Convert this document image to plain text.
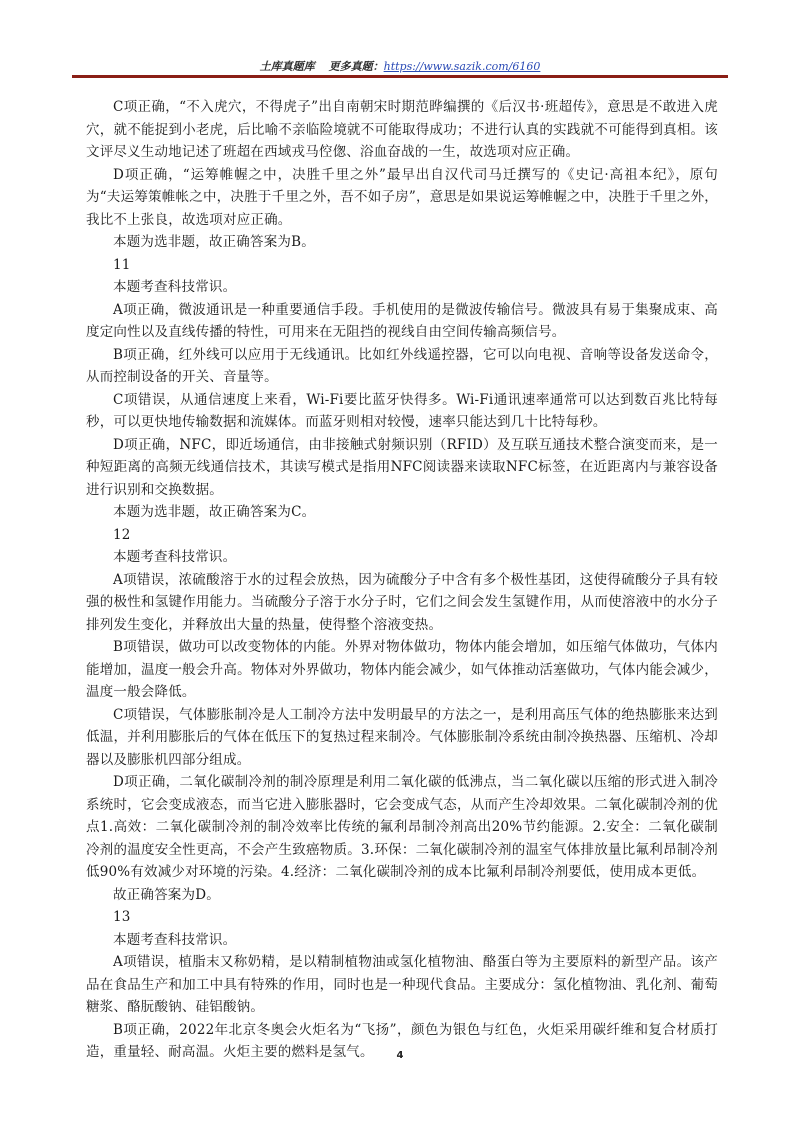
土库真题库 更多真题：https://www.sazik.com/6160

C项正确，“不入虎穴，不得虎子”出自南朝宋时期范晔编撰的《后汉书·班超传》，意思是不敢进入虎穴，就不能捉到小老虎，后比喻不亲临险境就不可能取得成功；不进行认真的实践就不可能得到真相。该文评尽义生动地记述了班超在西域戎马倥偬、浴血奋战的一生，故选项对应正确。

D项正确，“运筹帷幄之中，决胜千里之外”最早出自汉代司马迁撰写的《史记·高祖本纪》，原句为“夫运筹策帷帐之中，决胜于千里之外，吾不如子房”，意思是如果说运筹帷幄之中，决胜于千里之外，我比不上张良，故选项对应正确。

本题为选非题，故正确答案为B。

11

本题考查科技常识。

A项正确，微波通讯是一种重要通信手段。手机使用的是微波传输信号。微波具有易于集聚成束、高度定向性以及直线传播的特性，可用来在无阻挡的视线自由空间传输高频信号。

B项正确，红外线可以应用于无线通讯。比如红外线遥控器，它可以向电视、音响等设备发送命令，从而控制设备的开关、音量等。

C项错误，从通信速度上来看，Wi-Fi要比蓝牙快得多。Wi-Fi通讯速率通常可以达到数百兆比特每秒，可以更快地传输数据和流媒体。而蓝牙则相对较慢，速率只能达到几十比特每秒。

D项正确，NFC，即近场通信，由非接触式射频识别（RFID）及互联互通技术整合演变而来，是一种短距离的高频无线通信技术，其读写模式是指用NFC阅读器来读取NFC标签，在近距离内与兼容设备进行识别和交换数据。

本题为选非题，故正确答案为C。

12

本题考查科技常识。

A项错误，浓硫酸溶于水的过程会放热，因为硫酸分子中含有多个极性基团，这使得硫酸分子具有较强的极性和氢键作用能力。当硫酸分子溶于水分子时，它们之间会发生氢键作用，从而使溶液中的水分子排列发生变化，并释放出大量的热量，使得整个溶液变热。

B项错误，做功可以改变物体的内能。外界对物体做功，物体内能会增加，如压缩气体做功，气体内能增加，温度一般会升高。物体对外界做功，物体内能会减少，如气体推动活塞做功，气体内能会减少，温度一般会降低。

C项错误，气体膨胀制冷是人工制冷方法中发明最早的方法之一，是利用高压气体的绝热膨胀来达到低温，并利用膨胀后的气体在低压下的复热过程来制冷。气体膨胀制冷系统由制冷换热器、压缩机、冷却器以及膨胀机四部分组成。

D项正确，二氧化碳制冷剂的制冷原理是利用二氧化碳的低沸点，当二氧化碳以压缩的形式进入制冷系统时，它会变成液态，而当它进入膨胀器时，它会变成气态，从而产生冷却效果。二氧化碳制冷剂的优点1.高效：二氧化碳制冷剂的制冷效率比传统的氟利昂制冷剂高出20%节约能源。2.安全：二氧化碳制冷剂的温度安全性更高，不会产生致癌物质。3.环保：二氧化碳制冷剂的温室气体排放量比氟利昂制冷剂低90%有效减少对环境的污染。4.经济：二氧化碳制冷剂的成本比氟利昂制冷剂要低，使用成本更低。

故正确答案为D。

13

本题考查科技常识。

A项错误，植脂末又称奶精，是以精制植物油或氢化植物油、酪蛋白等为主要原料的新型产品。该产品在食品生产和加工中具有特殊的作用，同时也是一种现代食品。主要成分：氢化植物油、乳化剂、葡萄糖浆、酪朊酸钠、硅铝酸钠。

B项正确，2022年北京冬奥会火炬名为“飞扬”，颜色为银色与红色，火炬采用碳纤维和复合材质打造，重量轻、耐高温。火炬主要的燃料是氢气。	4
